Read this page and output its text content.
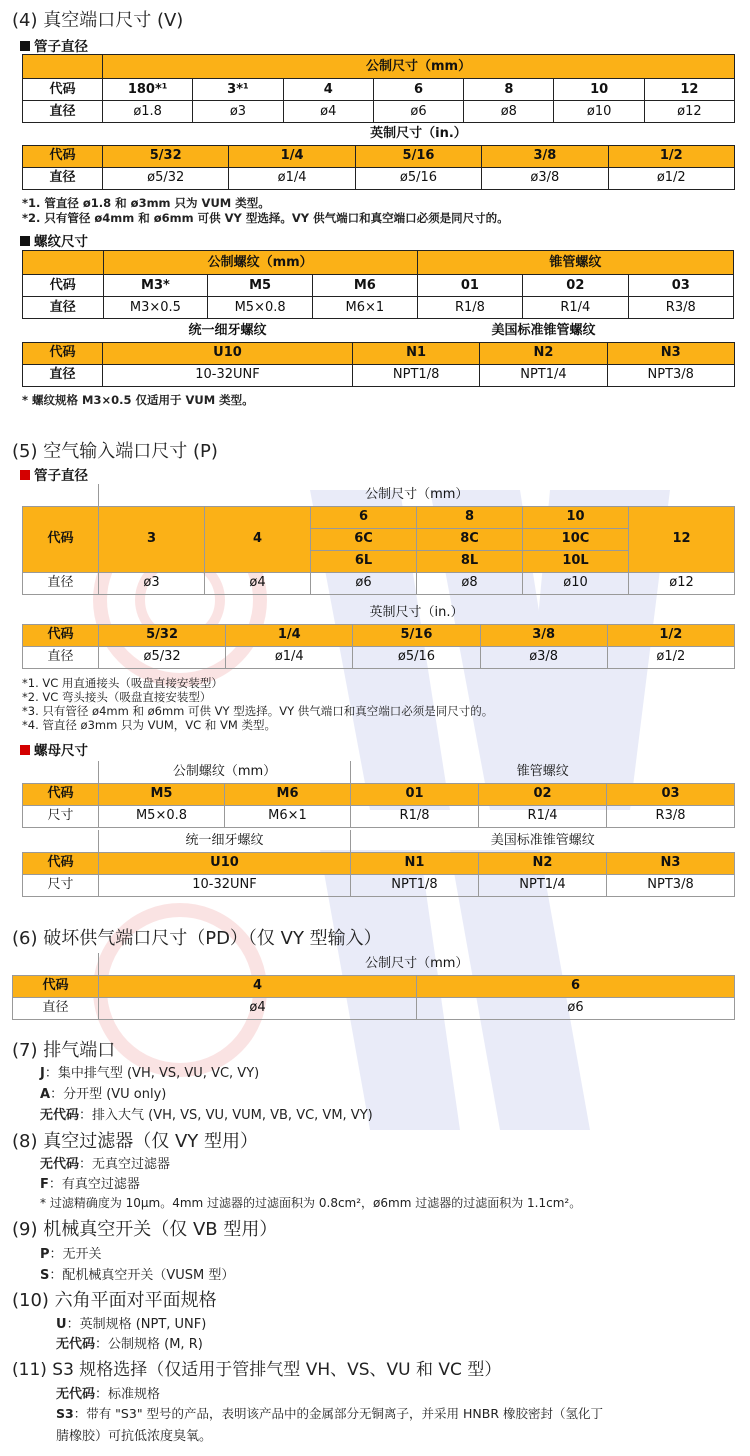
(4) 真空端口尺寸 (V)
管子直径
	公制尺寸（mm）						
代码	180*¹	3*¹	4	6	8	10	12
直径	ø1.8	ø3	ø4	ø6	ø8	ø10	ø12
	英制尺寸（in.）				
代码	5/32	1/4	5/16	3/8	1/2
直径	ø5/32	ø1/4	ø5/16	ø3/8	ø1/2
*1. 管直径 ø1.8 和 ø3mm 只为 VUM 类型。
*2. 只有管径 ø4mm 和 ø6mm 可供 VY 型选择。VY 供气端口和真空端口必须是同尺寸的。
螺纹尺寸
	公制螺纹（mm）			锥管螺纹		
代码	M3*	M5	M6	01	02	03
直径	M3×0.5	M5×0.8	M6×1	R1/8	R1/4	R3/8
	统一细牙螺纹	美国标准锥管螺纹		
代码	U10	N1	N2	N3
直径	10-32UNF	NPT1/8	NPT1/4	NPT3/8
* 螺纹规格 M3×0.5 仅适用于 VUM 类型。
(5) 空气输入端口尺寸 (P)
管子直径
	公制尺寸（mm）					
代码	3	4	6	8	10	12
			6C	8C	10C	
			6L	8L	10L	
直径	ø3	ø4	ø6	ø8	ø10	ø12
	英制尺寸（in.）				
代码	5/32	1/4	5/16	3/8	1/2
直径	ø5/32	ø1/4	ø5/16	ø3/8	ø1/2
*1. VC 用直通接头（吸盘直接安装型）
*2. VC 弯头接头（吸盘直接安装型）
*3. 只有管径 ø4mm 和 ø6mm 可供 VY 型选择。VY 供气端口和真空端口必须是同尺寸的。
*4. 管直径 ø3mm 只为 VUM，VC 和 VM 类型。
螺母尺寸
	公制螺纹（mm）		锥管螺纹		
代码	M5	M6	01	02	03
尺寸	M5×0.8	M6×1	R1/8	R1/4	R3/8
	统一细牙螺纹	美国标准锥管螺纹		
代码	U10	N1	N2	N3
尺寸	10-32UNF	NPT1/8	NPT1/4	NPT3/8
(6) 破坏供气端口尺寸（PD）（仅 VY 型输入）
	公制尺寸（mm）	
代码	4	6
直径	ø4	ø6
(7) 排气端口
J：集中排气型 (VH, VS, VU, VC, VY)
A：分开型 (VU only)
无代码：排入大气 (VH, VS, VU, VUM, VB, VC, VM, VY)
(8) 真空过滤器（仅 VY 型用）
无代码：无真空过滤器
F：有真空过滤器
* 过滤精确度为 10μm。4mm 过滤器的过滤面积为 0.8cm²，ø6mm 过滤器的过滤面积为 1.1cm²。
(9) 机械真空开关（仅 VB 型用）
P：无开关
S：配机械真空开关（VUSM 型）
(10) 六角平面对平面规格
U：英制规格 (NPT, UNF)
无代码：公制规格 (M, R)
(11) S3 规格选择（仅适用于管排气型 VH、VS、VU 和 VC 型）
无代码：标准规格
S3：带有 "S3" 型号的产品，表明该产品中的金属部分无铜离子，并采用 HNBR 橡胶密封（氢化丁
腈橡胶）可抗低浓度臭氧。
